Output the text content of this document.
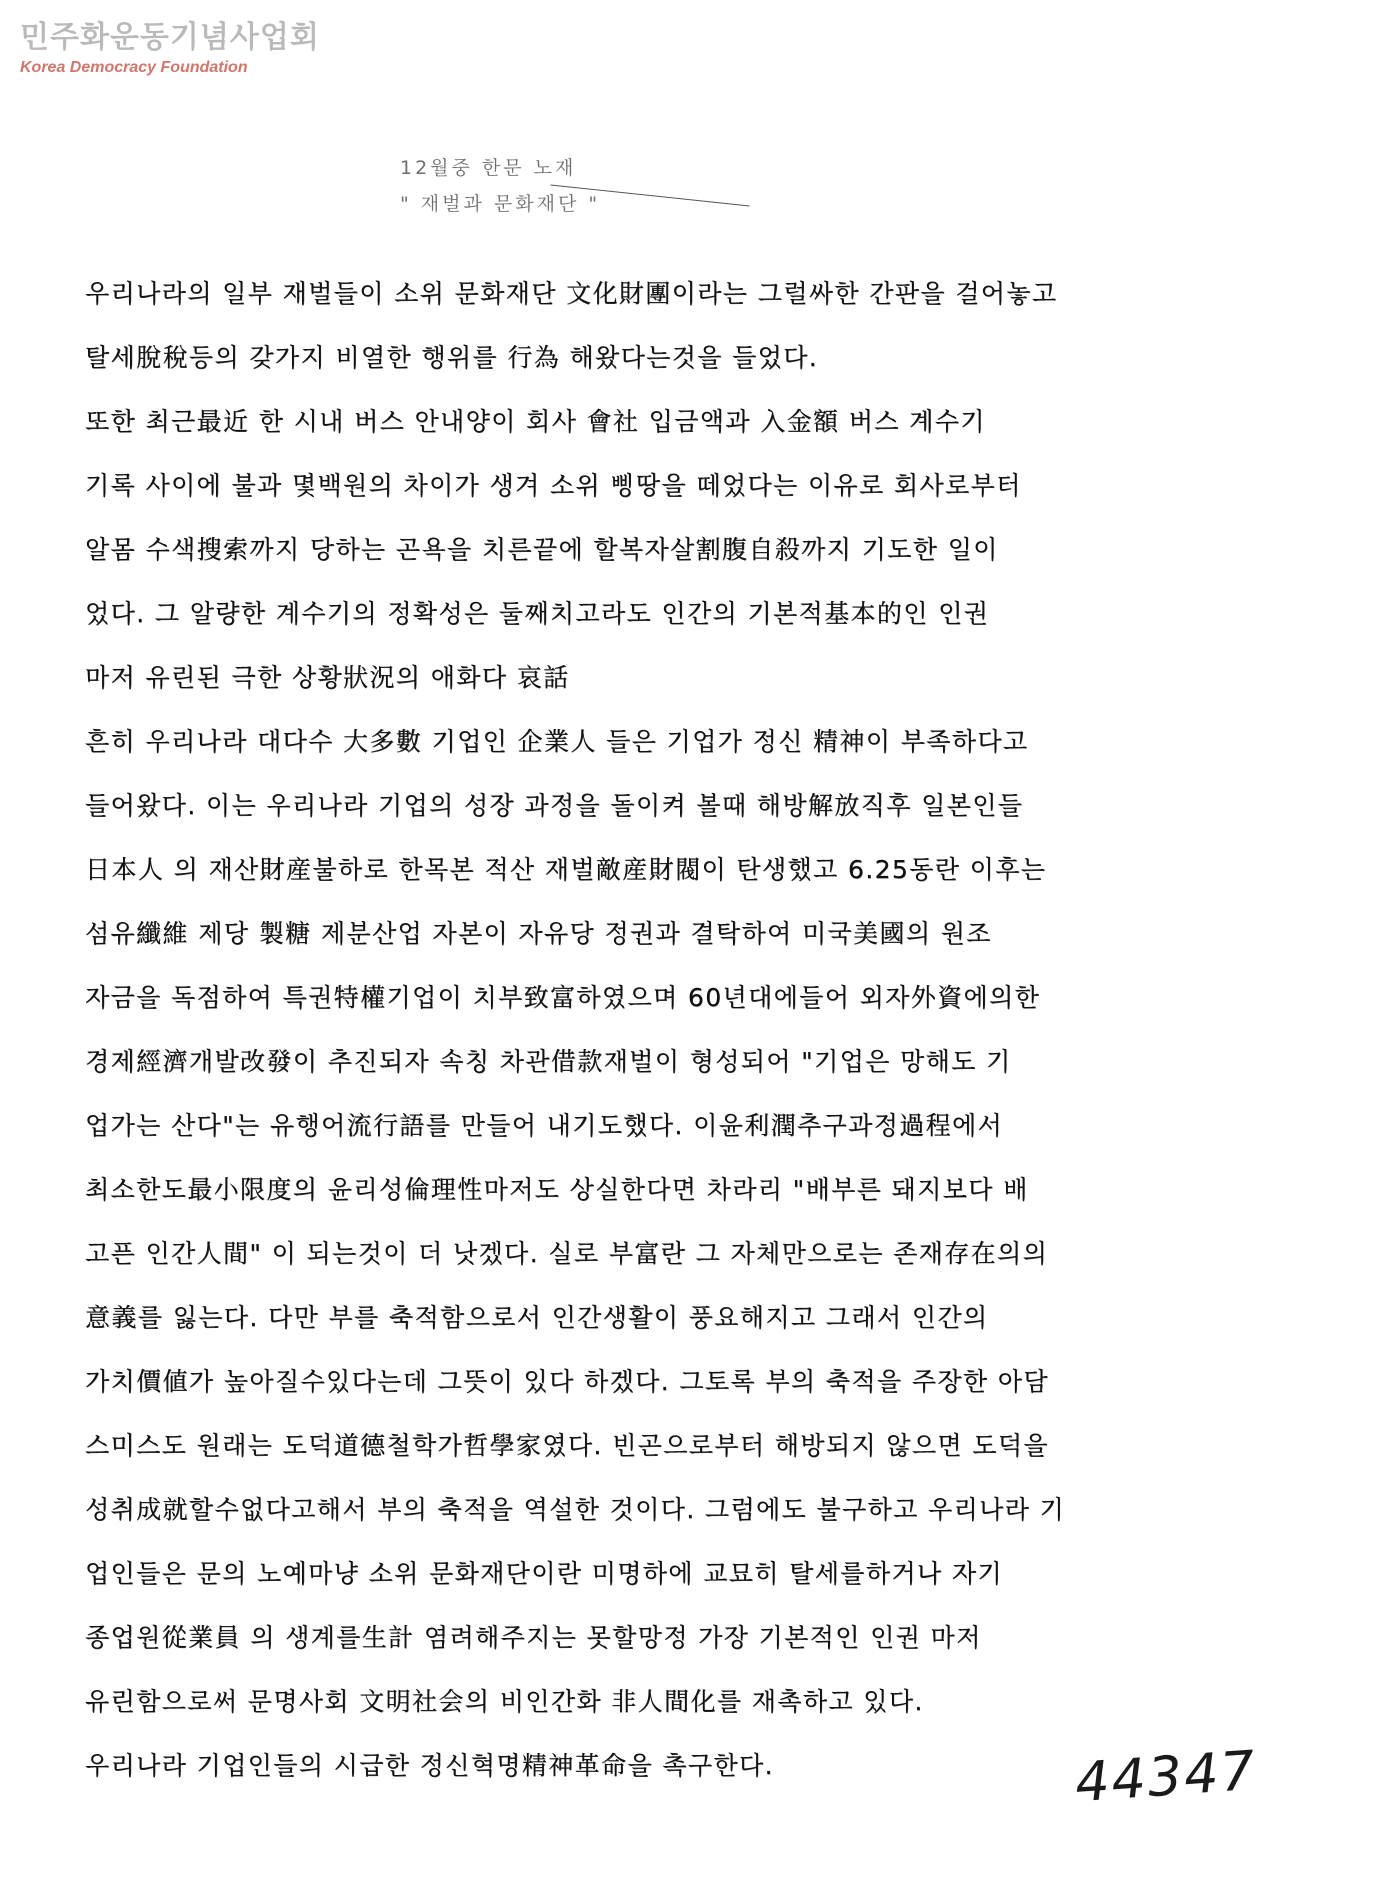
민주화운동기념사업회
Korea Democracy Foundation
12월중 한문 노재
" 재벌과 문화재단 "
우리나라의 일부 재벌들이 소위 문화재단 文化財團이라는 그럴싸한 간판을 걸어놓고
탈세脫稅등의 갖가지 비열한 행위를 行為 해왔다는것을 들었다.
또한 최근最近 한 시내 버스 안내양이 회사 會社 입금액과 入金額 버스 계수기
기록 사이에 불과 몇백원의 차이가 생겨 소위 삥땅을 떼었다는 이유로 회사로부터
알몸 수색搜索까지 당하는 곤욕을 치른끝에 할복자살割腹自殺까지 기도한 일이
었다. 그 알량한 계수기의 정확성은 둘째치고라도 인간의 기본적基本的인 인권
마저 유린된 극한 상황狀況의 애화다 哀話
흔히 우리나라 대다수 大多數 기업인 企業人 들은 기업가 정신 精神이 부족하다고
들어왔다. 이는 우리나라 기업의 성장 과정을 돌이켜 볼때 해방解放직후 일본인들
日本人 의 재산財産불하로 한목본 적산 재벌敵産財閥이 탄생했고 6.25동란 이후는
섬유纖維 제당 製糖 제분산업 자본이 자유당 정권과 결탁하여 미국美國의 원조
자금을 독점하여 특권特權기업이 치부致富하였으며 60년대에들어 외자外資에의한
경제經濟개발改發이 추진되자 속칭 차관借款재벌이 형성되어 "기업은 망해도 기
업가는 산다"는 유행어流行語를 만들어 내기도했다. 이윤利潤추구과정過程에서
최소한도最小限度의 윤리성倫理性마저도 상실한다면 차라리 "배부른 돼지보다 배
고픈 인간人間" 이 되는것이 더 낫겠다. 실로 부富란 그 자체만으로는 존재存在의의
意義를 잃는다. 다만 부를 축적함으로서 인간생활이 풍요해지고 그래서 인간의
가치價値가 높아질수있다는데 그뜻이 있다 하겠다. 그토록 부의 축적을 주장한 아담
스미스도 원래는 도덕道德철학가哲學家였다. 빈곤으로부터 해방되지 않으면 도덕을
성취成就할수없다고해서 부의 축적을 역설한 것이다. 그럼에도 불구하고 우리나라 기
업인들은 문의 노예마냥 소위 문화재단이란 미명하에 교묘히 탈세를하거나 자기
종업원從業員 의 생계를生計 염려해주지는 못할망정 가장 기본적인 인권 마저
유린함으로써 문명사회 文明社会의 비인간화 非人間化를 재촉하고 있다.
우리나라 기업인들의 시급한 정신혁명精神革命을 촉구한다.	44347
